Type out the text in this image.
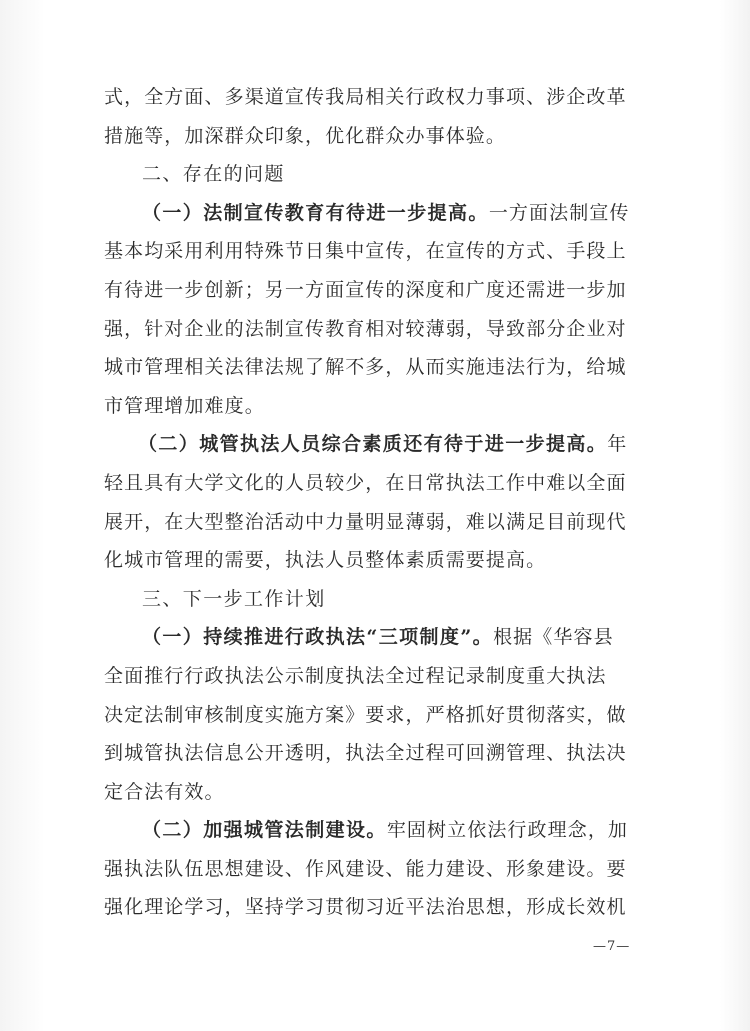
式，全方面、多渠道宣传我局相关行政权力事项、涉企改革
措施等，加深群众印象，优化群众办事体验。
二、存在的问题
（一）法制宣传教育有待进一步提高。一方面法制宣传
基本均采用利用特殊节日集中宣传，在宣传的方式、手段上
有待进一步创新；另一方面宣传的深度和广度还需进一步加
强，针对企业的法制宣传教育相对较薄弱，导致部分企业对
城市管理相关法律法规了解不多，从而实施违法行为，给城
市管理增加难度。
（二）城管执法人员综合素质还有待于进一步提高。年
轻且具有大学文化的人员较少，在日常执法工作中难以全面
展开，在大型整治活动中力量明显薄弱，难以满足目前现代
化城市管理的需要，执法人员整体素质需要提高。
三、下一步工作计划
（一）持续推进行政执法“三项制度”。根据《华容县
全面推行行政执法公示制度执法全过程记录制度重大执法
决定法制审核制度实施方案》要求，严格抓好贯彻落实，做
到城管执法信息公开透明，执法全过程可回溯管理、执法决
定合法有效。
（二）加强城管法制建设。牢固树立依法行政理念，加
强执法队伍思想建设、作风建设、能力建设、形象建设。要
强化理论学习，坚持学习贯彻习近平法治思想，形成长效机
—7—
